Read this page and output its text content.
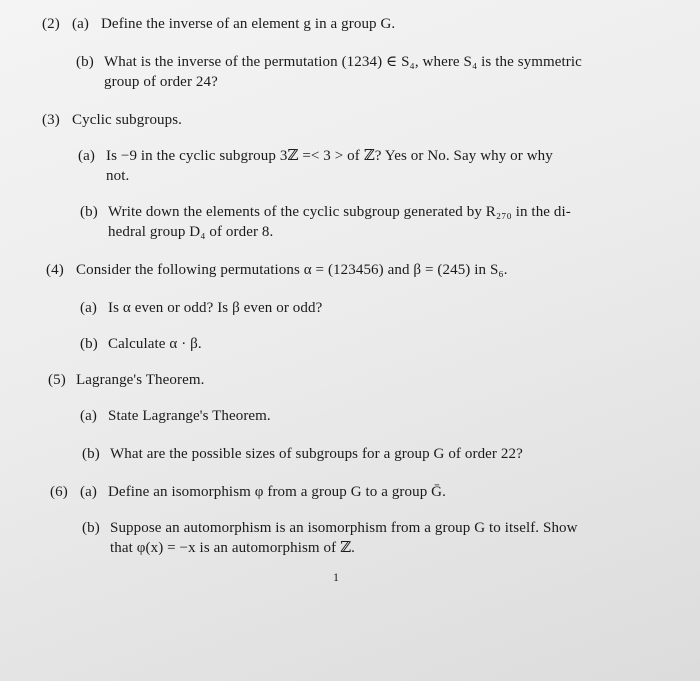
(2) (a) Define the inverse of an element g in a group G.
(b) What is the inverse of the permutation (1234) ∈ S₄, where S₄ is the symmetric
group of order 24?
(3) Cyclic subgroups.
(a) Is −9 in the cyclic subgroup 3ℤ =< 3 > of ℤ? Yes or No. Say why or why
not.
(b) Write down the elements of the cyclic subgroup generated by R₂₇₀ in the di-
hedral group D₄ of order 8.
(4) Consider the following permutations α = (123456) and β = (245) in S₆.
(a) Is α even or odd? Is β even or odd?
(b) Calculate α · β.
(5) Lagrange's Theorem.
(a) State Lagrange's Theorem.
(b) What are the possible sizes of subgroups for a group G of order 22?
(6) (a) Define an isomorphism φ from a group G to a group Ḡ.
(b) Suppose an automorphism is an isomorphism from a group G to itself. Show
that φ(x) = −x is an automorphism of ℤ.
1
